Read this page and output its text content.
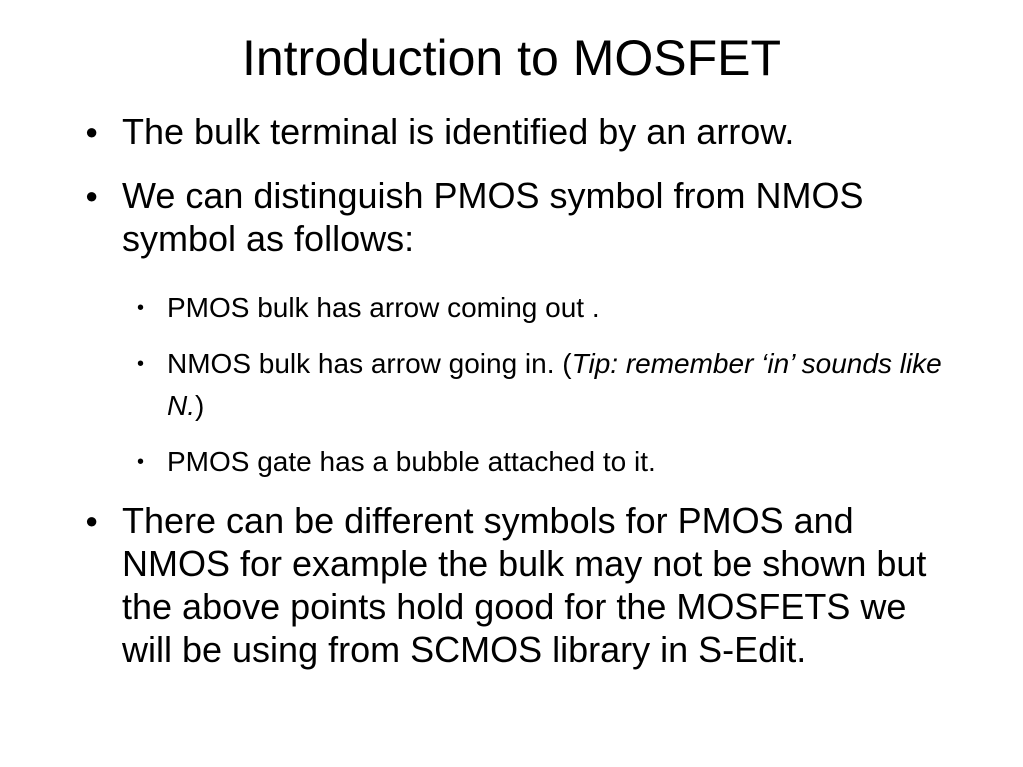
Introduction to MOSFET
● The bulk terminal is identified by an arrow.
● We can distinguish PMOS symbol from NMOS symbol as follows:
• PMOS bulk has arrow coming out .
• NMOS bulk has arrow going in. (Tip: remember ‘in’ sounds like N.)
• PMOS gate has a bubble attached to it.
● There can be different symbols for PMOS and NMOS for example the bulk may not be shown but the above points hold good for the MOSFETS we will be using from SCMOS library in S-Edit.
